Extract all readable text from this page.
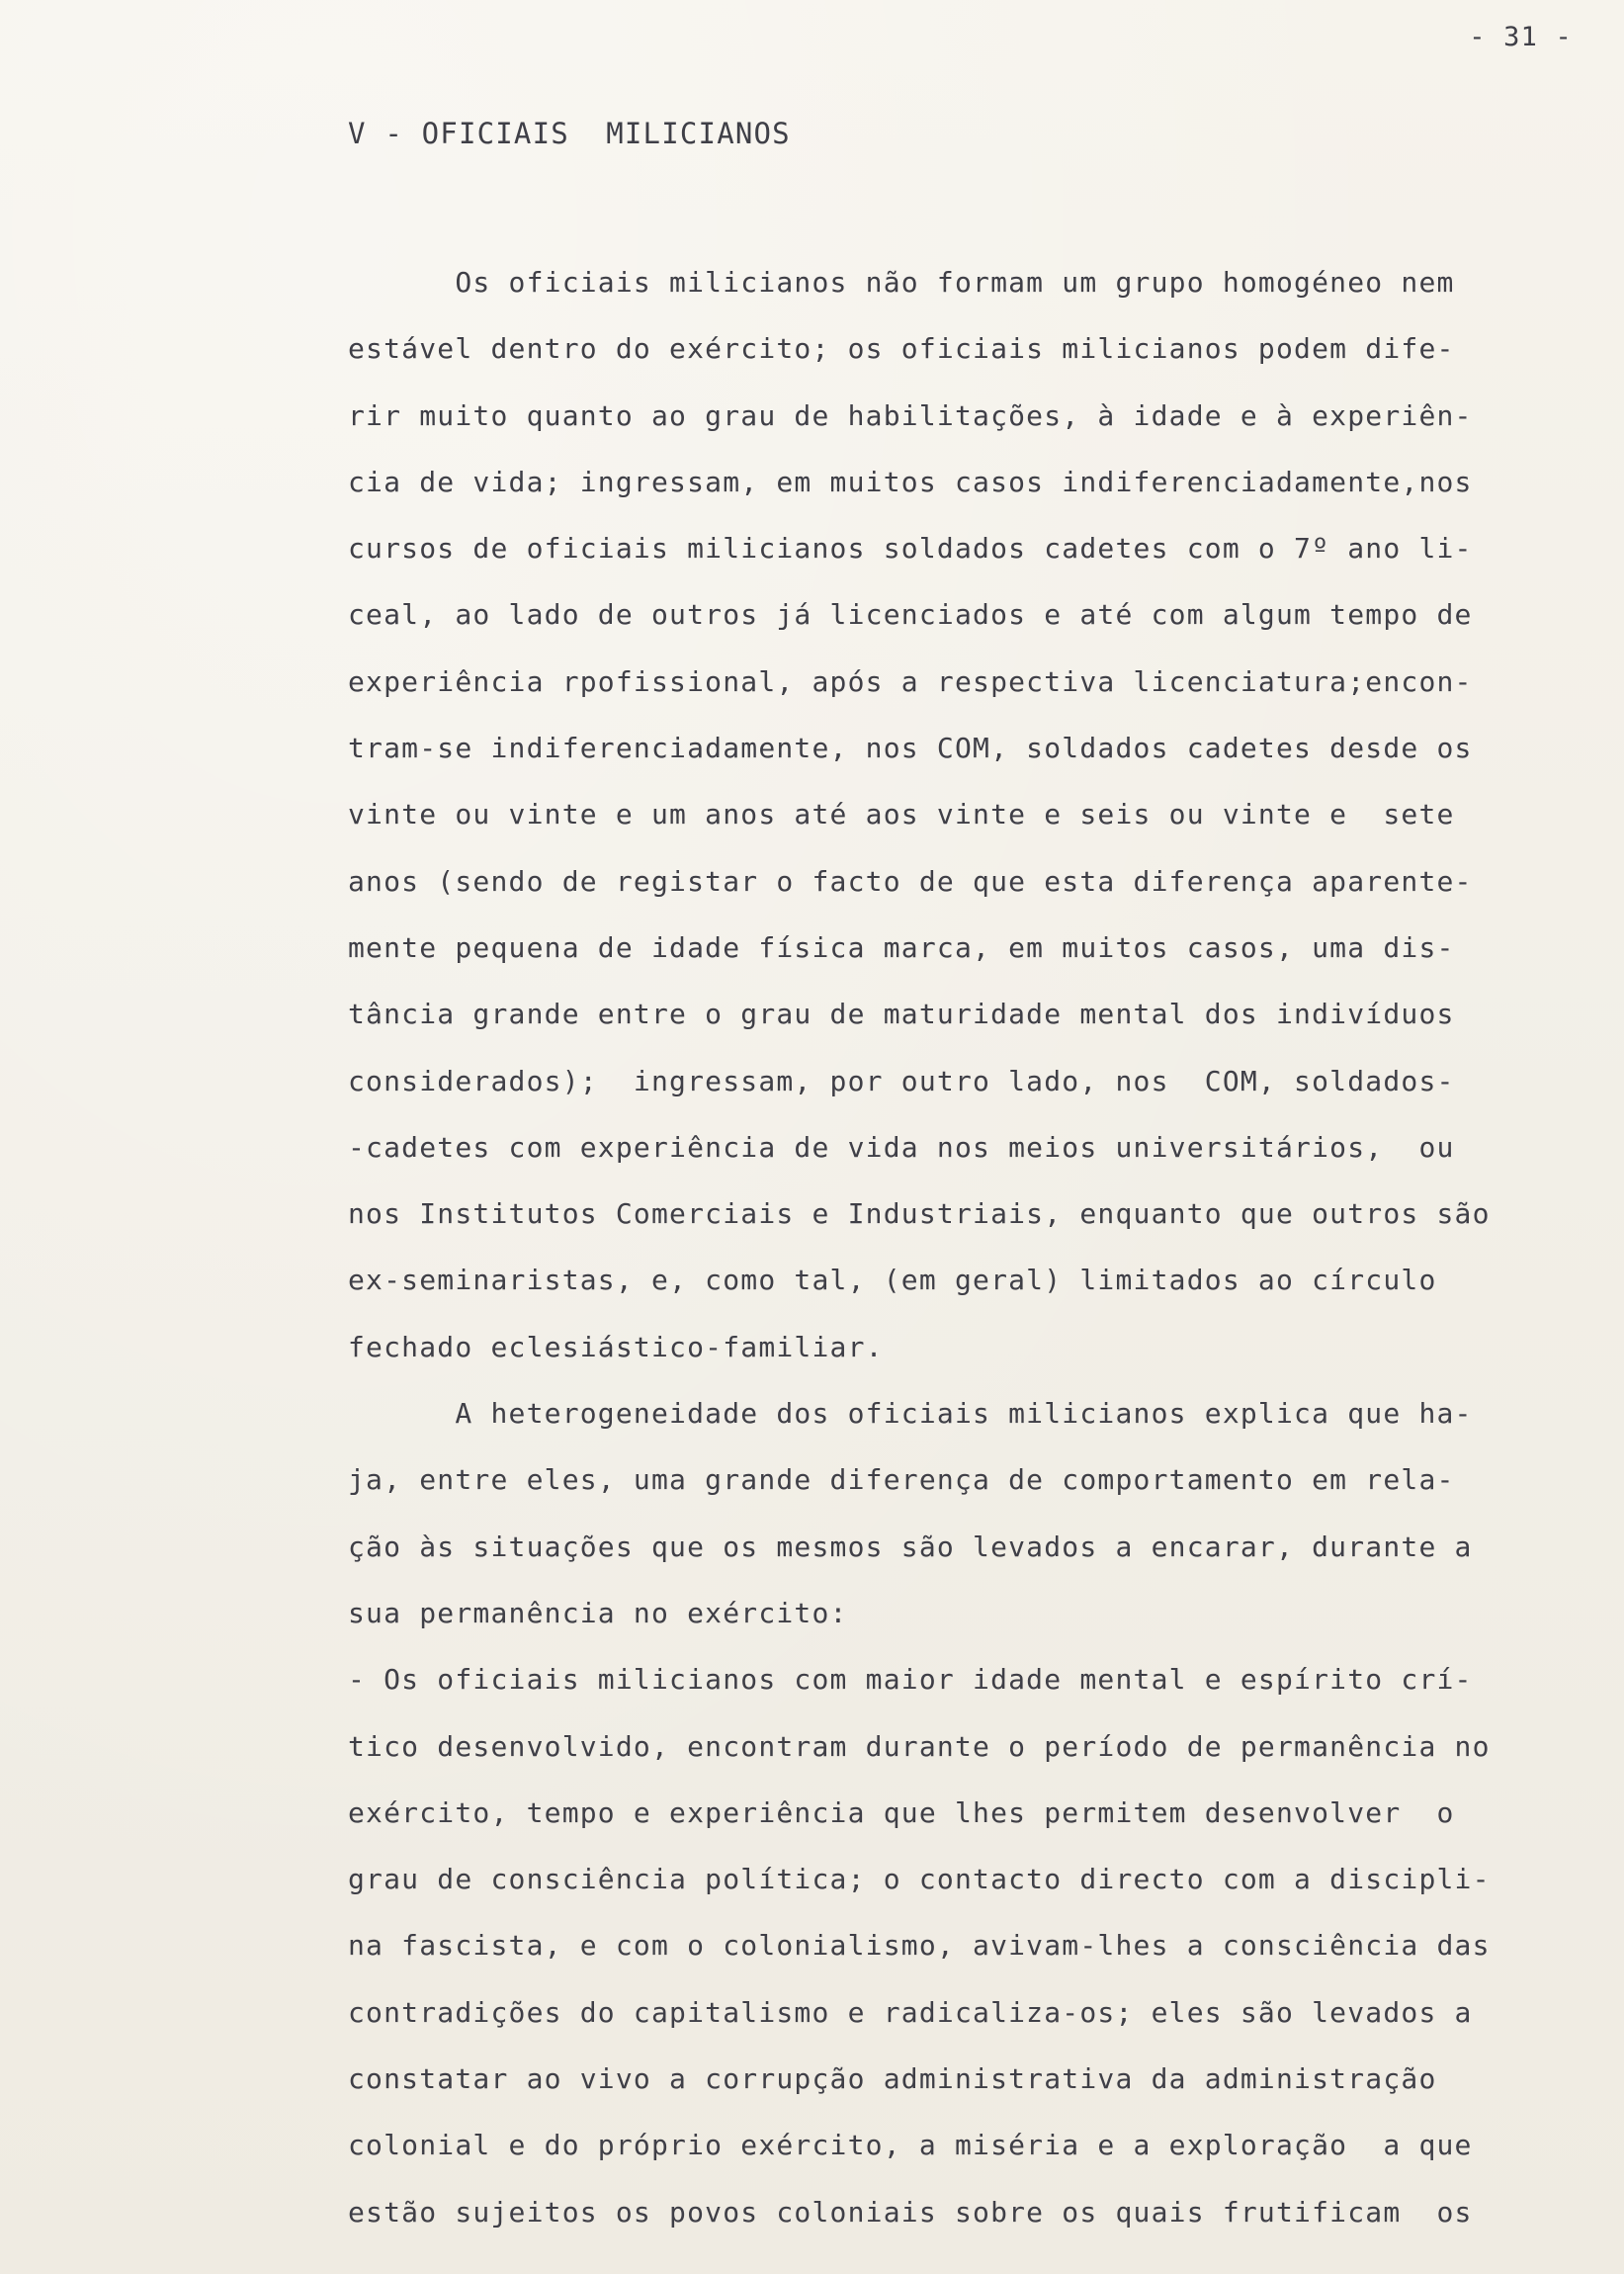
- 31 -
V - OFICIAIS  MILICIANOS
Os oficiais milicianos não formam um grupo homogéneo nem
estável dentro do exército; os oficiais milicianos podem dife-
rir muito quanto ao grau de habilitações, à idade e à experiên-
cia de vida; ingressam, em muitos casos indiferenciadamente,nos
cursos de oficiais milicianos soldados cadetes com o 7º ano li-
ceal, ao lado de outros já licenciados e até com algum tempo de
experiência rpofissional, após a respectiva licenciatura;encon-
tram-se indiferenciadamente, nos COM, soldados cadetes desde os
vinte ou vinte e um anos até aos vinte e seis ou vinte e  sete
anos (sendo de registar o facto de que esta diferença aparente-
mente pequena de idade física marca, em muitos casos, uma dis-
tância grande entre o grau de maturidade mental dos indivíduos
considerados);  ingressam, por outro lado, nos  COM, soldados-
-cadetes com experiência de vida nos meios universitários,  ou
nos Institutos Comerciais e Industriais, enquanto que outros são
ex-seminaristas, e, como tal, (em geral) limitados ao círculo
fechado eclesiástico-familiar.
A heterogeneidade dos oficiais milicianos explica que ha-
ja, entre eles, uma grande diferença de comportamento em rela-
ção às situações que os mesmos são levados a encarar, durante a
sua permanência no exército:
- Os oficiais milicianos com maior idade mental e espírito crí-
tico desenvolvido, encontram durante o período de permanência no
exército, tempo e experiência que lhes permitem desenvolver  o
grau de consciência política; o contacto directo com a discipli-
na fascista, e com o colonialismo, avivam-lhes a consciência das
contradições do capitalismo e radicaliza-os; eles são levados a
constatar ao vivo a corrupção administrativa da administração
colonial e do próprio exército, a miséria e a exploração  a que
estão sujeitos os povos coloniais sobre os quais frutificam  os
